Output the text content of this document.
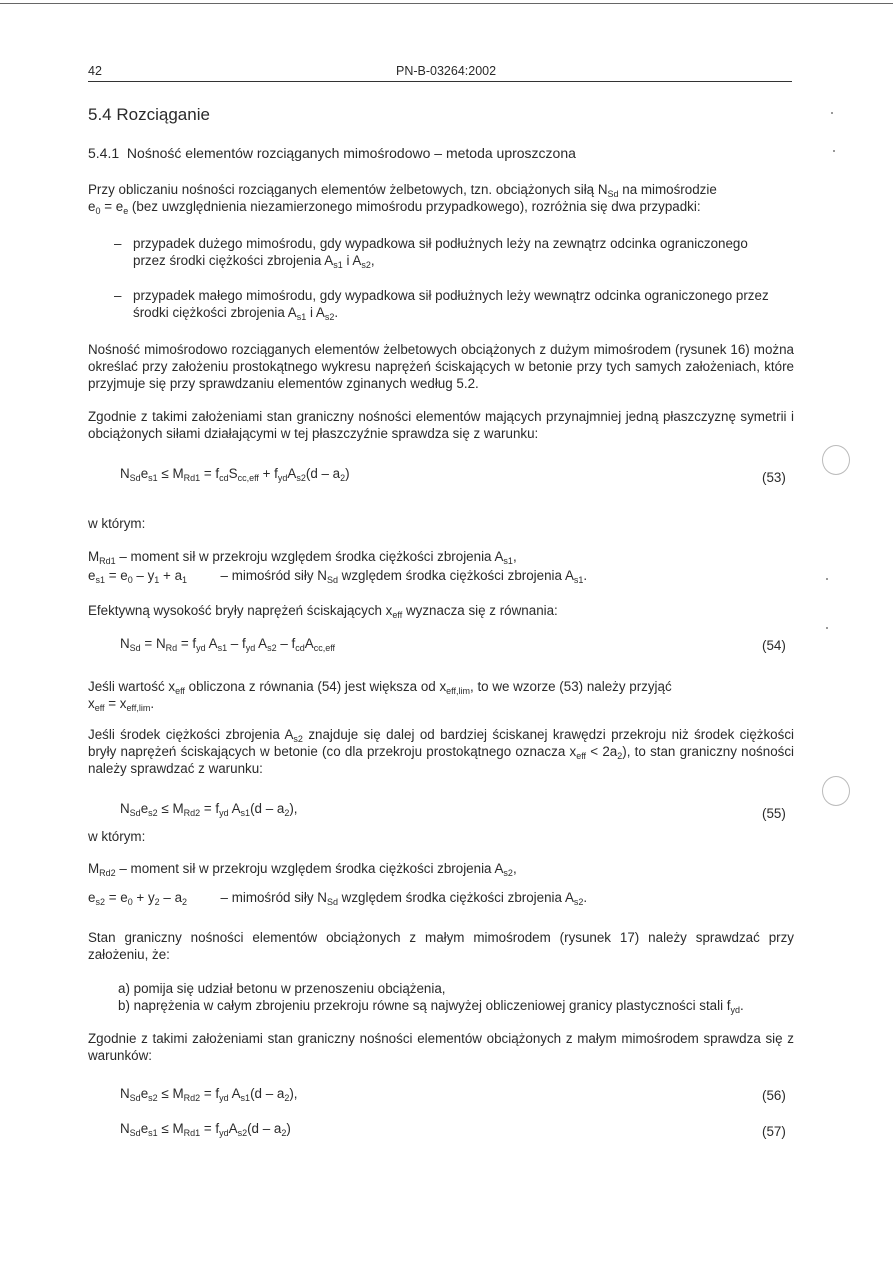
42	PN-B-03264:2002
5.4 Rozciąganie
5.4.1 Nośność elementów rozciąganych mimośrodowo – metoda uproszczona
Przy obliczaniu nośności rozciąganych elementów żelbetowych, tzn. obciążonych siłą $N_{Sd}$ na mimośrodzie
$e_0 = e_e$ (bez uwzględnienia niezamierzonego mimośrodu przypadkowego), rozróżnia się dwa przypadki:
– przypadek dużego mimośrodu, gdy wypadkowa sił podłużnych leży na zewnątrz odcinka ograniczonego
przez środki ciężkości zbrojenia $A_{s1}$ i $A_{s2}$,
– przypadek małego mimośrodu, gdy wypadkowa sił podłużnych leży wewnątrz odcinka ograniczonego przez
środki ciężkości zbrojenia $A_{s1}$ i $A_{s2}$.
Nośność mimośrodowo rozciąganych elementów żelbetowych obciążonych z dużym mimośrodem (rysunek 16) można określać przy założeniu prostokątnego wykresu naprężeń ściskających w betonie przy tych samych założeniach, które przyjmuje się przy sprawdzaniu elementów zginanych według 5.2.
Zgodnie z takimi założeniami stan graniczny nośności elementów mających przynajmniej jedną płaszczyznę symetrii i obciążonych siłami działającymi w tej płaszczyźnie sprawdza się z warunku:
$N_{Sd}e_{s1} \le M_{Rd1} = f_{cd}S_{cc,eff} + f_{yd}A_{s2}(d - a_2)$	(53)
w którym:
$M_{Rd1}$ – moment sił w przekroju względem środka ciężkości zbrojenia $A_{s1}$,
$e_{s1} = e_0 - y_1 + a_1$         – mimośród siły $N_{Sd}$ względem środka ciężkości zbrojenia $A_{s1}$.
Efektywną wysokość bryły naprężeń ściskających $x_{eff}$ wyznacza się z równania:
$N_{Sd} = N_{Rd} = f_{yd}$ $A_{s1} - f_{yd}$ $A_{s2} - f_{cd}A_{cc,eff}$	(54)
Jeśli wartość $x_{eff}$ obliczona z równania (54) jest większa od $x_{eff,lim}$, to we wzorze (53) należy przyjąć
$x_{eff} = x_{eff,lim}$.
Jeśli środek ciężkości zbrojenia $A_{s2}$ znajduje się dalej od bardziej ściskanej krawędzi przekroju niż środek ciężkości bryły naprężeń ściskających w betonie (co dla przekroju prostokątnego oznacza $x_{eff} < 2a_2$), to stan graniczny nośności należy sprawdzać z warunku:
$N_{Sd}e_{s2} \le M_{Rd2} = f_{yd}$ $A_{s1}(d - a_2)$,	(55)
w którym:
$M_{Rd2}$ – moment sił w przekroju względem środka ciężkości zbrojenia $A_{s2}$,
$e_{s2} = e_0 + y_2 - a_2$         – mimośród siły $N_{Sd}$ względem środka ciężkości zbrojenia $A_{s2}$.
Stan graniczny nośności elementów obciążonych z małym mimośrodem (rysunek 17) należy sprawdzać przy założeniu, że:
a) pomija się udział betonu w przenoszeniu obciążenia,
b) naprężenia w całym zbrojeniu przekroju równe są najwyżej obliczeniowej granicy plastyczności stali $f_{yd}$.
Zgodnie z takimi założeniami stan graniczny nośności elementów obciążonych z małym mimośrodem sprawdza się z warunków:
$N_{Sd}e_{s2} \le M_{Rd2} = f_{yd}$ $A_{s1}(d - a_2)$,	(56)
$N_{Sd}e_{s1} \le M_{Rd1} = f_{yd}A_{s2}(d - a_2)$	(57)
